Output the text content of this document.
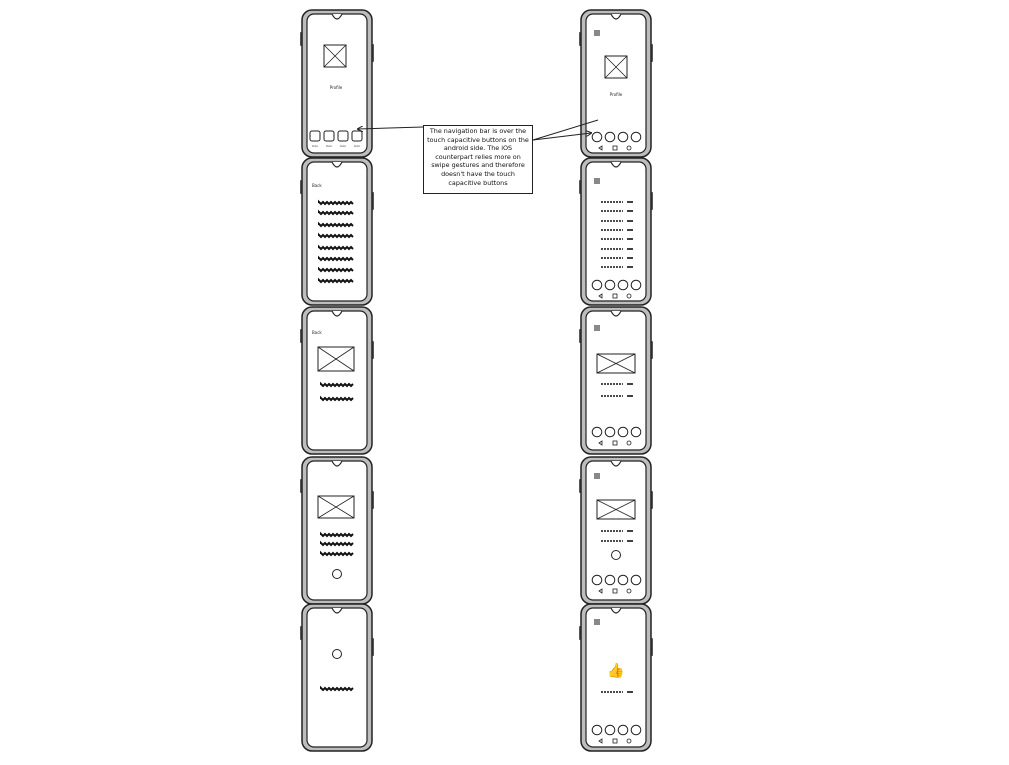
👍
The navigation bar is over the touch capacitive buttons on the android side. The iOS counterpart relies more on swipe gestures and therefore doesn't have the touch capacitive buttons
Profile
Profile
Icon	Icon	Icon	Icon
Back
Back
